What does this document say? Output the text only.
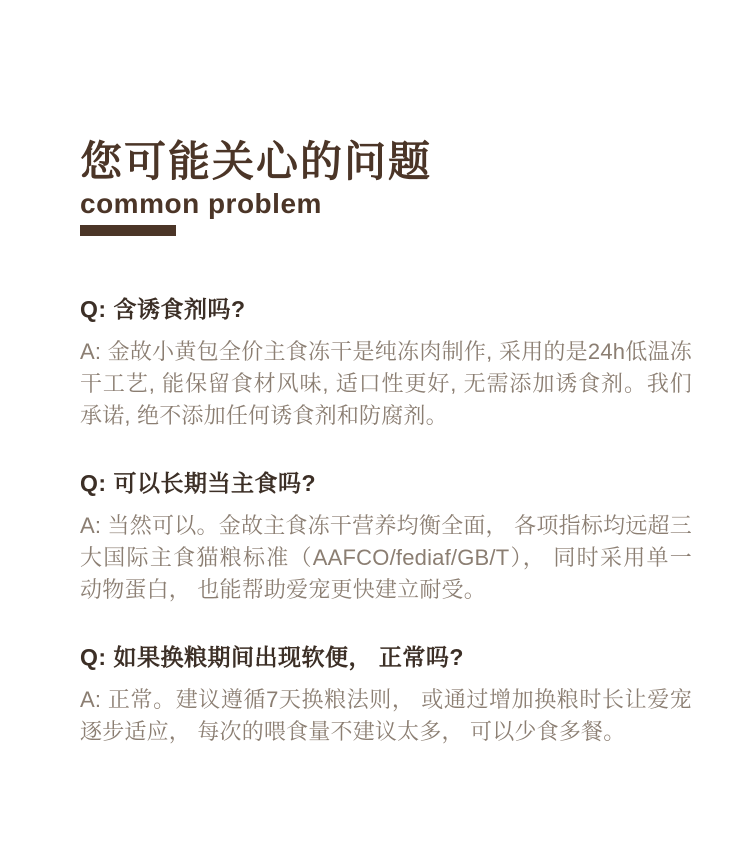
您可能关心的问题
common problem
Q: 含诱食剂吗?

A: 金故小黄包全价主食冻干是纯冻肉制作, 采用的是24h低温冻干工艺, 能保留食材风味, 适口性更好, 无需添加诱食剂。我们承诺, 绝不添加任何诱食剂和防腐剂。

Q: 可以长期当主食吗?

A: 当然可以。金故主食冻干营养均衡全面， 各项指标均远超三大国际主食猫粮标准（AAFCO/fediaf/GB/T）， 同时采用单一动物蛋白， 也能帮助爱宠更快建立耐受。

Q: 如果换粮期间出现软便， 正常吗?

A: 正常。建议遵循7天换粮法则， 或通过增加换粮时长让爱宠逐步适应， 每次的喂食量不建议太多， 可以少食多餐。
